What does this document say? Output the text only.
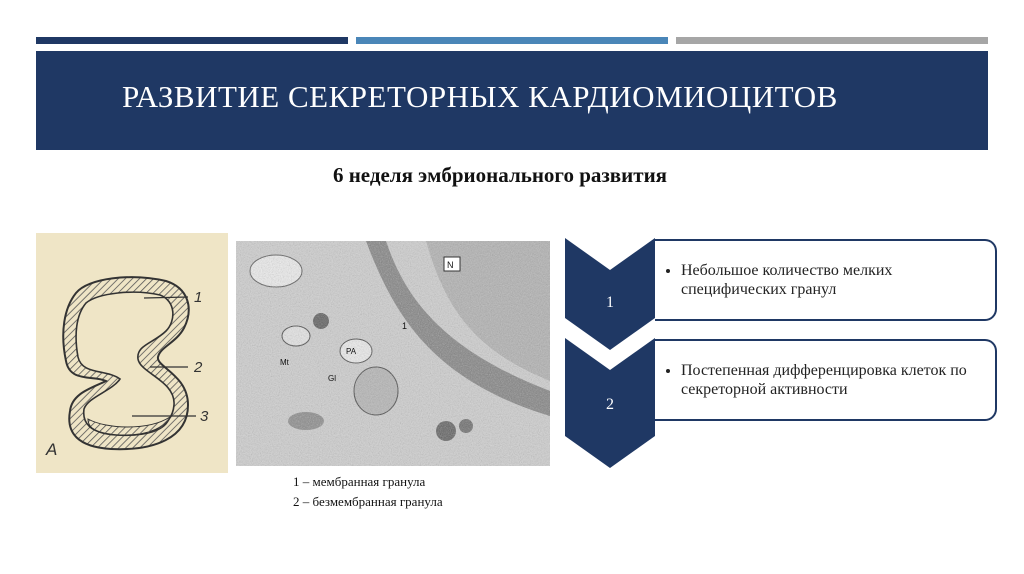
РАЗВИТИЕ СЕКРЕТОРНЫХ КАРДИОМИОЦИТОВ
6 неделя эмбрионального развития
1
2
3
А
N
1
PA
Mt
Gl
1 – мембранная гранула
2 – безмембранная гранула
1
• Небольшое количество мелких специфических гранул
2
• Постепенная дифференцировка клеток по секреторной активности
